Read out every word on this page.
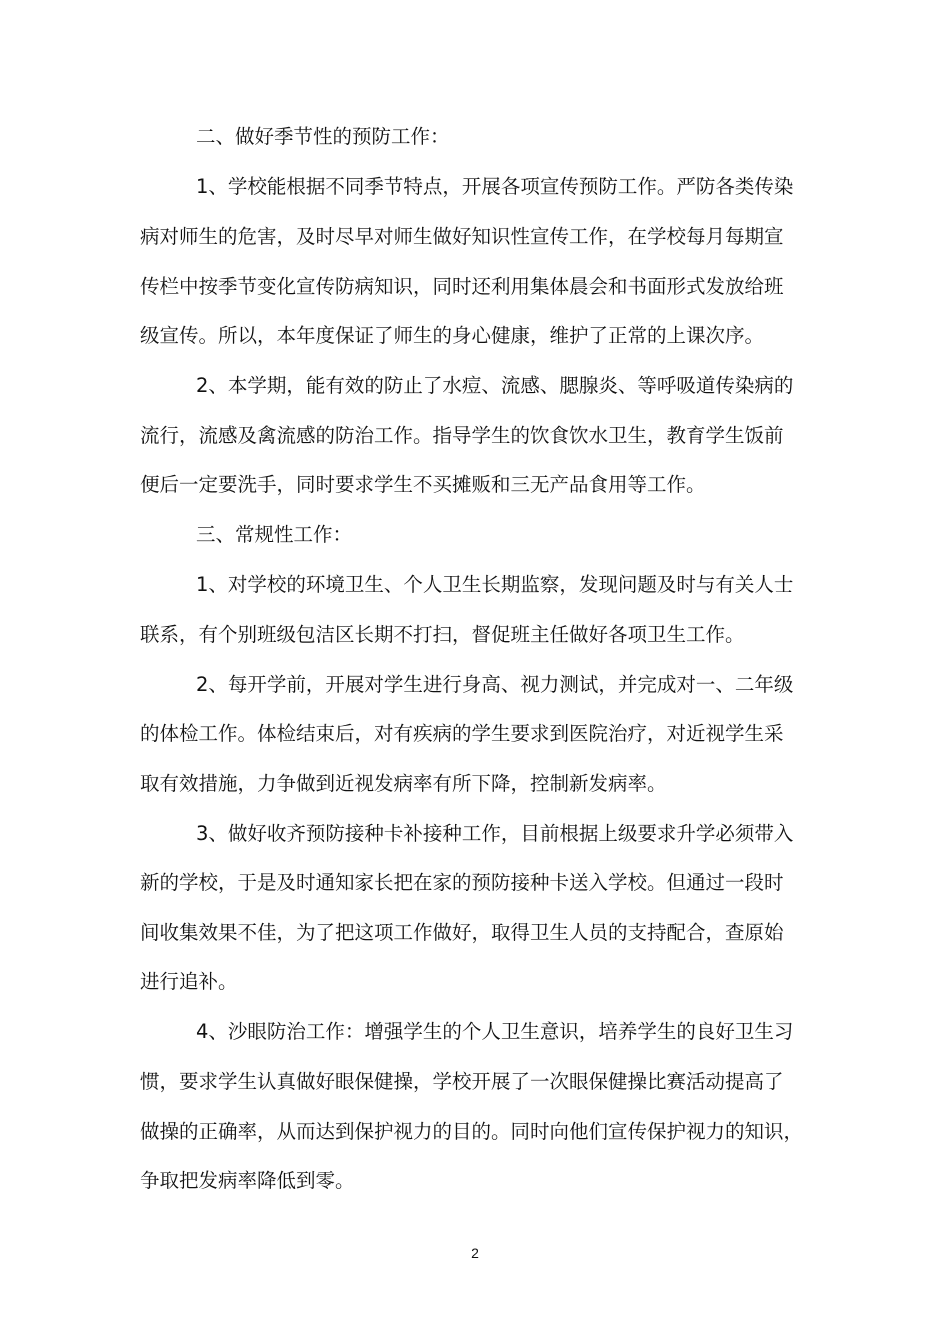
二、做好季节性的预防工作：
1、学校能根据不同季节特点，开展各项宣传预防工作。严防各类传染
病对师生的危害，及时尽早对师生做好知识性宣传工作，在学校每月每期宣
传栏中按季节变化宣传防病知识，同时还利用集体晨会和书面形式发放给班
级宣传。所以，本年度保证了师生的身心健康，维护了正常的上课次序。
2、本学期，能有效的防止了水痘、流感、腮腺炎、等呼吸道传染病的
流行，流感及禽流感的防治工作。指导学生的饮食饮水卫生，教育学生饭前
便后一定要洗手，同时要求学生不买摊贩和三无产品食用等工作。
三、常规性工作：
1、对学校的环境卫生、个人卫生长期监察，发现问题及时与有关人士
联系，有个别班级包洁区长期不打扫，督促班主任做好各项卫生工作。
2、每开学前，开展对学生进行身高、视力测试，并完成对一、二年级
的体检工作。体检结束后，对有疾病的学生要求到医院治疗，对近视学生采
取有效措施，力争做到近视发病率有所下降，控制新发病率。
3、做好收齐预防接种卡补接种工作，目前根据上级要求升学必须带入
新的学校，于是及时通知家长把在家的预防接种卡送入学校。但通过一段时
间收集效果不佳，为了把这项工作做好，取得卫生人员的支持配合，查原始
进行追补。
4、沙眼防治工作：增强学生的个人卫生意识，培养学生的良好卫生习
惯，要求学生认真做好眼保健操，学校开展了一次眼保健操比赛活动提高了
做操的正确率，从而达到保护视力的目的。同时向他们宣传保护视力的知识，
争取把发病率降低到零。
2
